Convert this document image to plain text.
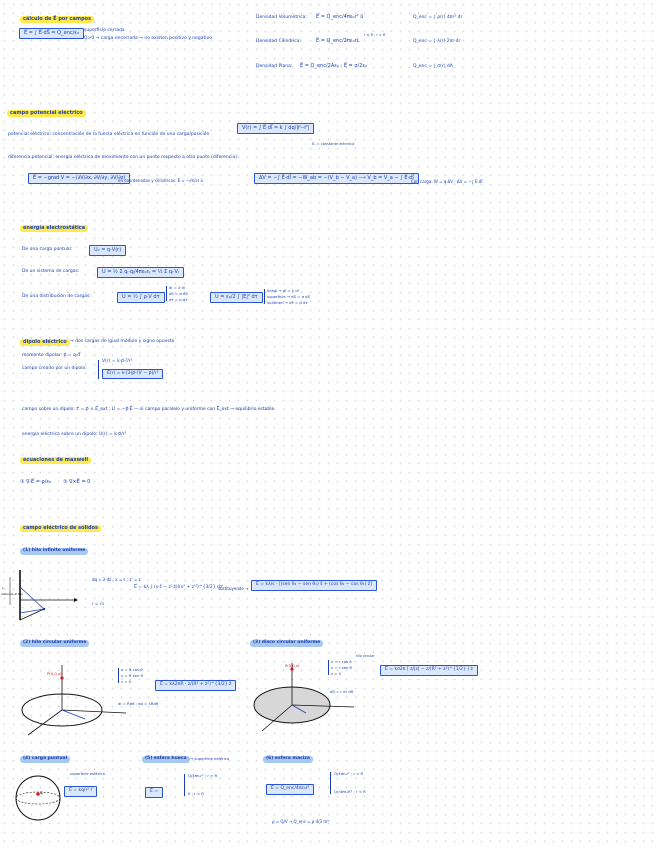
cálculo de E⃗ por campos
E⃗ = ∫ E⃗·dS⃗ = Q_enc/ε₀	superficie cerrada
Q>0 → carga encerrada → no existen positivo y negativo
Densidad Volumétrica: E⃗ = Q_enc/4πε₀r² û	Q_enc = ∫ ρ(r) 4πr² dr
Densidad Cilíndrica:	E⃗ = Q_enc/2πε₀rL
r ≤ R ; r > R
Q_enc = ∫ λ(r) 2πr dr
Densidad Plana: E⃗ = Q_enc/2Aε₀ ; E⃗ = σ/2ε₀	Q_enc = ∫ σ(r) dA
campo potencial eléctrico
potencial eléctrico: concentración de la fuerza eléctrica en función de una carga/posición
V(r) = ∫ E⃗·dl⃗ = k ∫ dq/|r⃗−r⃗'|
E₀ = constante eléctrica
diferencia potencial: energía eléctrica de movimiento con un punto respecto a otro punto (diferencia)
E⃗ = −grad V = −(∂V/∂x, ∂V/∂y, ∂V/∂z)
en coordenadas y cilíndricas: E⃗ = −∂V/∂r û	ΔV = −∫ E⃗·dl⃗ = −W_ab = −(V_b − V_a) ⟶ V_b = V_a − ∫ E⃗·dl⃗
Con carga: W = q·ΔV ; ΔV = −∫ E⃗·dl⃗
energía electrostática
De una carga puntual:	U₀ = q·V(r)
De un sistema de cargas:	U = ½ Σ qᵢ·qⱼ/4πε₀rᵢⱼ = ½ Σ qᵢ·Vᵢ
De una distribución de cargas:	U = ½ ∫ ρ·V dτ
dl = λ·dl
dS = σ·dS
dτ = ρ·dτ	U = ε₀/2 ∫ |E|² dτ
lineal → dl = λ dl
superficie → dS = σ dS
volumen → dτ = ρ dτ
dipolo eléctrico → dos cargas de igual módulo y signo opuesto
momento dipolar: p⃗ = q·d⃗
campo creado por un dipolo:
V(r) = k·p⃗·r̂/r²
E⃗(r) = k·[3(p⃗·r̂)r̂ − p⃗]/r³
campo sobre un dipolo: τ⃗ = p⃗ × E⃗_ext ; U = −p⃗·E⃗ — si campo paralelo y uniforme con E⃗_ext → equilibrio estable
energía eléctrica sobre un dipolo: U(r) = k·p⃗/r²
ecuaciones de maxwell
① ∇·E⃗ = ρ/ε₀ ② ∇×E⃗ = 0
campo eléctrico de sólidos
(1) hilo infinito uniforme
s
distancia al hilo
dq = λ·dz ; x = s ; z' = z
r = √s
E⃗ = kλ ∫ (s·ŝ − z'·ẑ)/(s² + z'²)^{3/2} dz'
sustituyendo →
E⃗ = kλ/s · [(sen θ₂ − sen θ₁) ŝ + (cos θ₂ − cos θ₁) ẑ]
(2) hilo circular uniforme
P(0,0,z)
x = R cos θ
y = R sen θ
z = 0
dl = Rdθ ; dq = λRdθ
E⃗ = kλ2πR · z/(R² + z²)^{3/2} ẑ
(3) disco circular uniforme
P(0,0,z)
x = r cos θ
y = r sen θ
z = 0
hilo circular
dS = r dr dθ
E⃗ = kσ2π [ z/|z| − z/(R² + z²)^{1/2} ] ẑ
(4) carga puntual
q
superficie esférica
E⃗ = kq/r² r̂
(5) esfera hueca → superficie esférica
E⃗ =
Q/4πε₀r² ; r > R
0 ; r < R
(6) esfera maciza
E⃗ = Q_enc/4πε₀r²
Q/4πε₀r² ; r > R
Qr/4πε₀R³ ; r < R
ρ = Q/V → Q_enc = ρ·4/3 πr³
